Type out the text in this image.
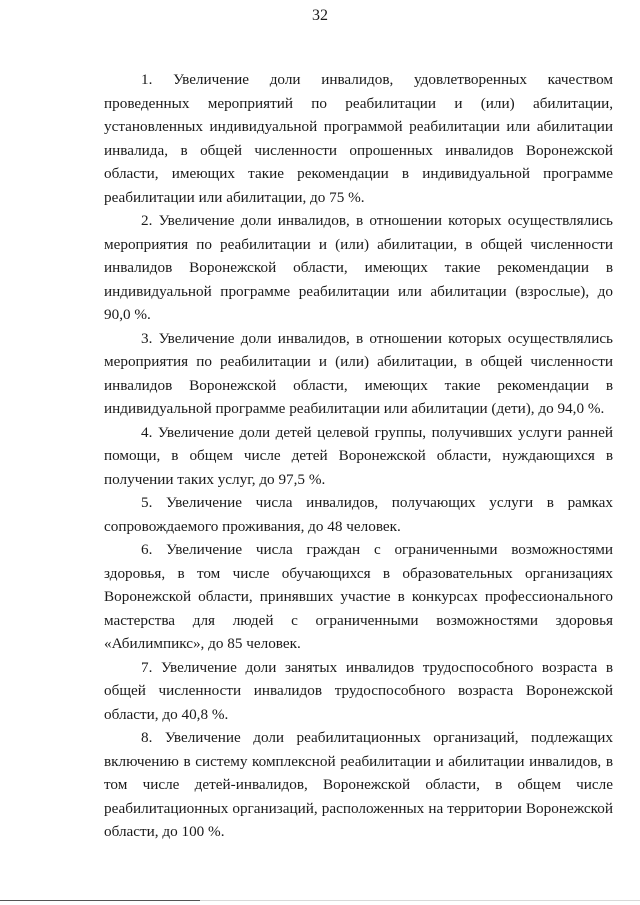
32

1. Увеличение доли инвалидов, удовлетворенных качеством проведенных мероприятий по реабилитации и (или) абилитации, установленных индивидуальной программой реабилитации или абилитации инвалида, в общей численности опрошенных инвалидов Воронежской области, имеющих такие рекомендации в индивидуальной программе реабилитации или абилитации, до 75 %.

2. Увеличение доли инвалидов, в отношении которых осуществлялись мероприятия по реабилитации и (или) абилитации, в общей численности инвалидов Воронежской области, имеющих такие рекомендации в индивидуальной программе реабилитации или абилитации (взрослые), до 90,0 %.

3. Увеличение доли инвалидов, в отношении которых осуществлялись мероприятия по реабилитации и (или) абилитации, в общей численности инвалидов Воронежской области, имеющих такие рекомендации в индивидуальной программе реабилитации или абилитации (дети), до 94,0 %.

4. Увеличение доли детей целевой группы, получивших услуги ранней помощи, в общем числе детей Воронежской области, нуждающихся в получении таких услуг, до 97,5 %.

5. Увеличение числа инвалидов, получающих услуги в рамках сопровождаемого проживания, до 48 человек.

6. Увеличение числа граждан с ограниченными возможностями здоровья, в том числе обучающихся в образовательных организациях Воронежской области, принявших участие в конкурсах профессионального мастерства для людей с ограниченными возможностями здоровья «Абилимпикс», до 85 человек.

7. Увеличение доли занятых инвалидов трудоспособного возраста в общей численности инвалидов трудоспособного возраста Воронежской области, до 40,8 %.

8. Увеличение доли реабилитационных организаций, подлежащих включению в систему комплексной реабилитации и абилитации инвалидов, в том числе детей-инвалидов, Воронежской области, в общем числе реабилитационных организаций, расположенных на территории Воронежской области, до 100 %.
